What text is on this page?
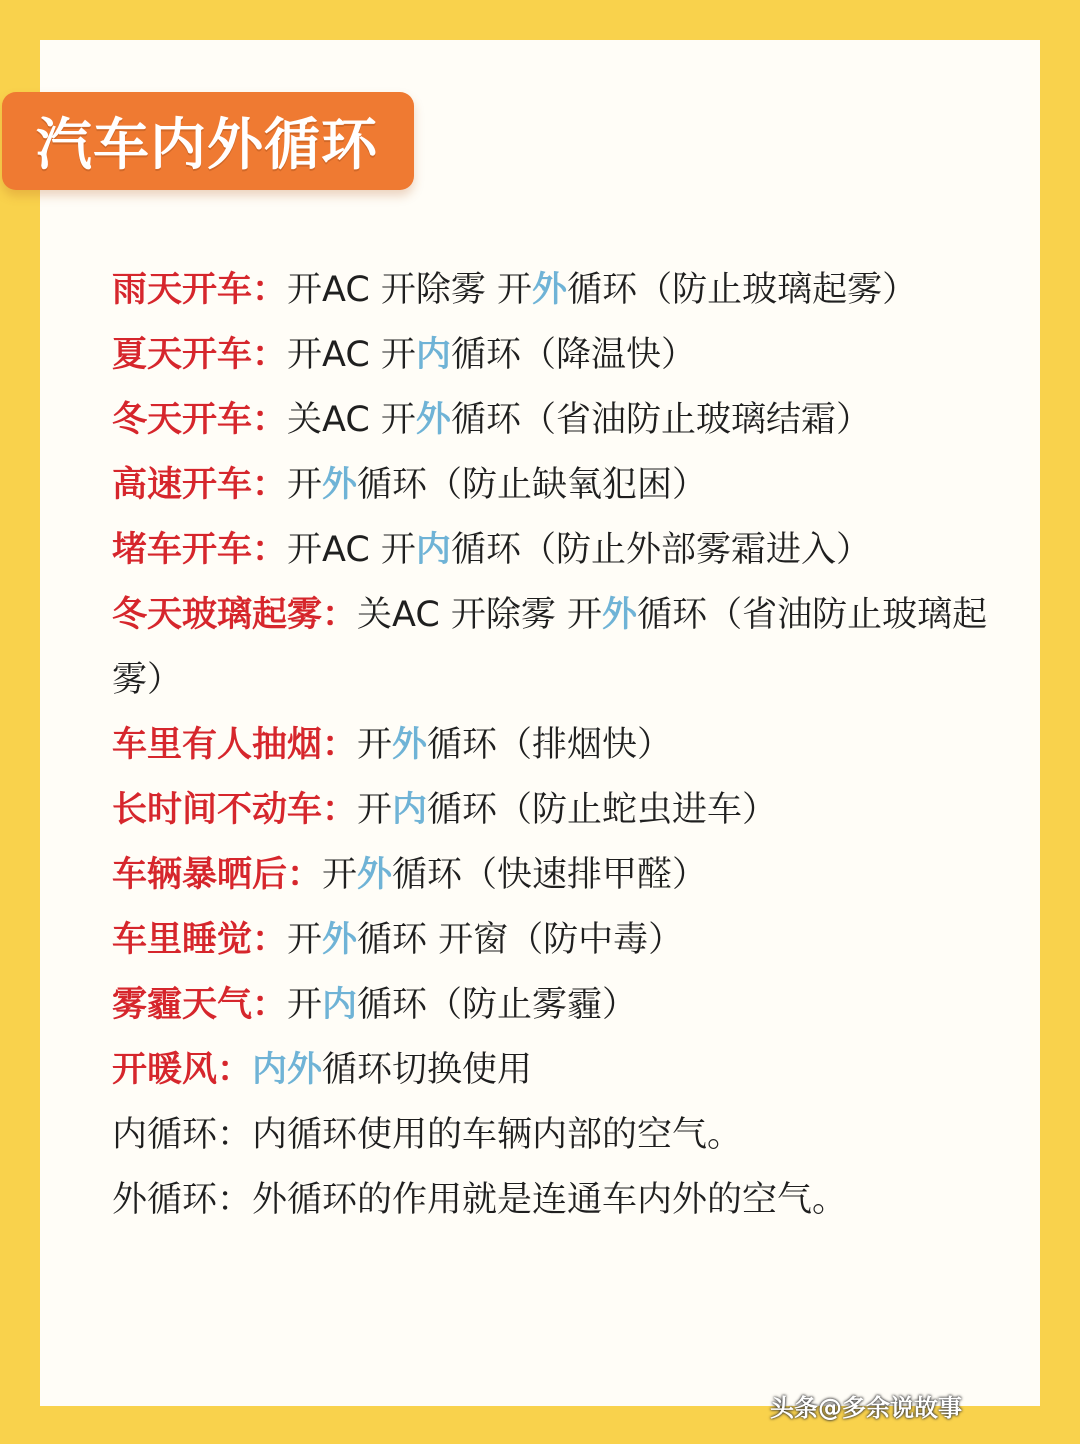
汽车内外循环

雨天开车：开AC 开除雾 开外循环（防止玻璃起雾）

夏天开车：开AC 开内循环（降温快）

冬天开车：关AC 开外循环（省油防止玻璃结霜）

高速开车：开外循环（防止缺氧犯困）

堵车开车：开AC 开内循环（防止外部雾霜进入）

冬天玻璃起雾：关AC 开除雾 开外循环（省油防止玻璃起雾）

车里有人抽烟：开外循环（排烟快）

长时间不动车：开内循环（防止蛇虫进车）

车辆暴晒后：开外循环（快速排甲醛）

车里睡觉：开外循环 开窗（防中毒）

雾霾天气：开内循环（防止雾霾）

开暖风：内外循环切换使用

内循环：内循环使用的车辆内部的空气。

外循环：外循环的作用就是连通车内外的空气。

头条@多余说故事
